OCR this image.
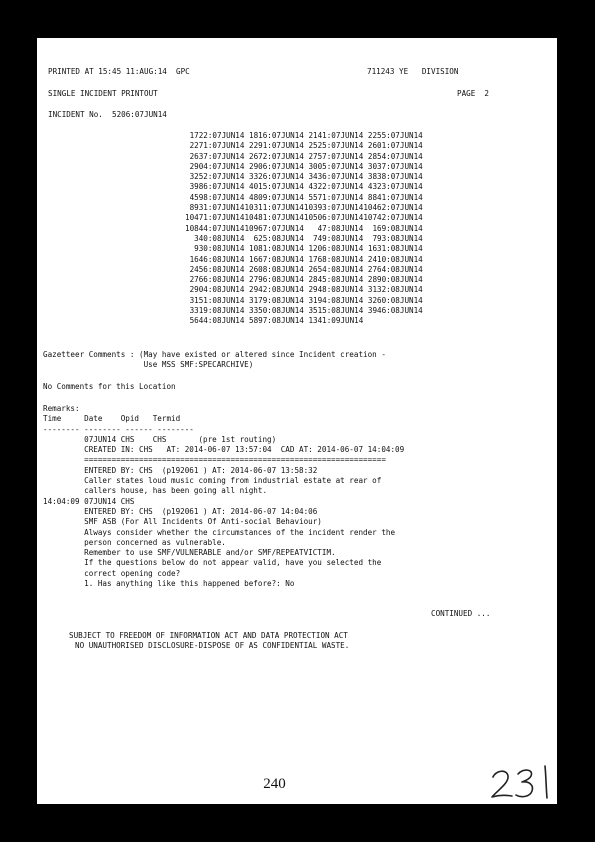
PRINTED AT 15:45 11:AUG:14  GPC	711243 YE   DIVISION
SINGLE INCIDENT PRINTOUT	PAGE  2
INCIDENT No.  5206:07JUN14
1722:07JUN14	1816:07JUN14	2141:07JUN14	2255:07JUN14
2271:07JUN14	2291:07JUN14	2525:07JUN14	2601:07JUN14
2637:07JUN14	2672:07JUN14	2757:07JUN14	2854:07JUN14
2904:07JUN14	2906:07JUN14	3005:07JUN14	3037:07JUN14
3252:07JUN14	3326:07JUN14	3436:07JUN14	3838:07JUN14
3986:07JUN14	4015:07JUN14	4322:07JUN14	4323:07JUN14
4598:07JUN14	4809:07JUN14	5571:07JUN14	8841:07JUN14
8931:07JUN14	10311:07JUN14	10393:07JUN14	10462:07JUN14
10471:07JUN14	10481:07JUN14	10506:07JUN14	10742:07JUN14
10844:07JUN14	10967:07JUN14	47:08JUN14	169:08JUN14
340:08JUN14	625:08JUN14	749:08JUN14	793:08JUN14
930:08JUN14	1081:08JUN14	1206:08JUN14	1631:08JUN14
1646:08JUN14	1667:08JUN14	1768:08JUN14	2410:08JUN14
2456:08JUN14	2608:08JUN14	2654:08JUN14	2764:08JUN14
2766:08JUN14	2796:08JUN14	2845:08JUN14	2890:08JUN14
2904:08JUN14	2942:08JUN14	2948:08JUN14	3132:08JUN14
3151:08JUN14	3179:08JUN14	3194:08JUN14	3260:08JUN14
3319:08JUN14	3350:08JUN14	3515:08JUN14	3946:08JUN14
5644:08JUN14	5897:08JUN14	1341:09JUN14	
Gazetteer Comments : (May have existed or altered since Incident creation -
Use MSS SMF:SPECARCHIVE)
No Comments for this Location
Remarks:
Time     Date    Opid   Termid
-------- -------- ------ --------
07JUN14 CHS    CHS       (pre 1st routing)
CREATED IN: CHS   AT: 2014-06-07 13:57:04  CAD AT: 2014-06-07 14:04:09
==================================================================
ENTERED BY: CHS  (p192061 ) AT: 2014-06-07 13:58:32
Caller states loud music coming from industrial estate at rear of
callers house, has been going all night.
14:04:09 07JUN14 CHS
ENTERED BY: CHS  (p192061 ) AT: 2014-06-07 14:04:06
SMF ASB (For All Incidents Of Anti-social Behaviour)
Always consider whether the circumstances of the incident render the
person concerned as vulnerable.
Remember to use SMF/VULNERABLE and/or SMF/REPEATVICTIM.
If the questions below do not appear valid, have you selected the
correct opening code?
1. Has anything like this happened before?: No
CONTINUED ...
SUBJECT TO FREEDOM OF INFORMATION ACT AND DATA PROTECTION ACT
NO UNAUTHORISED DISCLOSURE-DISPOSE OF AS CONFIDENTIAL WASTE.
240
